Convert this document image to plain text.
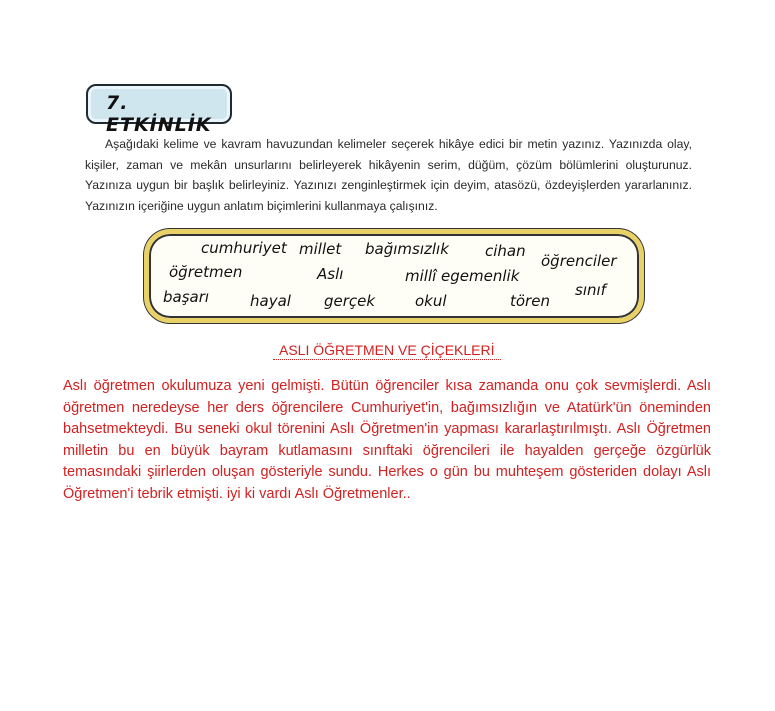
7. ETKİNLİK
Aşağıdaki kelime ve kavram havuzundan kelimeler seçerek hikâye edici bir metin yazınız. Yazınızda olay, kişiler, zaman ve mekân unsurlarını belirleyerek hikâyenin serim, düğüm, çözüm bölümlerini oluşturunuz. Yazınıza uygun bir başlık belirleyiniz. Yazınızı zenginleştirmek için deyim, atasözü, özdeyişlerden yararlanınız. Yazınızın içeriğine uygun anlatım biçimlerini kullanmaya çalışınız.
cumhuriyet millet bağımsızlık cihan
öğrenciler
öğretmen	Aslı	millî egemenlik
sınıf
başarı	hayal gerçek	okul	tören
ASLI ÖĞRETMEN VE ÇİÇEKLERİ
Aslı öğretmen okulumuza yeni gelmişti. Bütün öğrenciler kısa zamanda onu çok sevmişlerdi. Aslı öğretmen neredeyse her ders öğrencilere Cumhuriyet'in, bağımsızlığın ve Atatürk'ün öneminden bahsetmekteydi. Bu seneki okul törenini Aslı Öğretmen'in yapması kararlaştırılmıştı. Aslı Öğretmen milletin bu en büyük bayram kutlamasını sınıftaki öğrencileri ile hayalden gerçeğe özgürlük temasındaki şiirlerden oluşan gösteriyle sundu. Herkes o gün bu muhteşem gösteriden dolayı Aslı Öğretmen'i tebrik etmişti. iyi ki vardı Aslı Öğretmenler..
